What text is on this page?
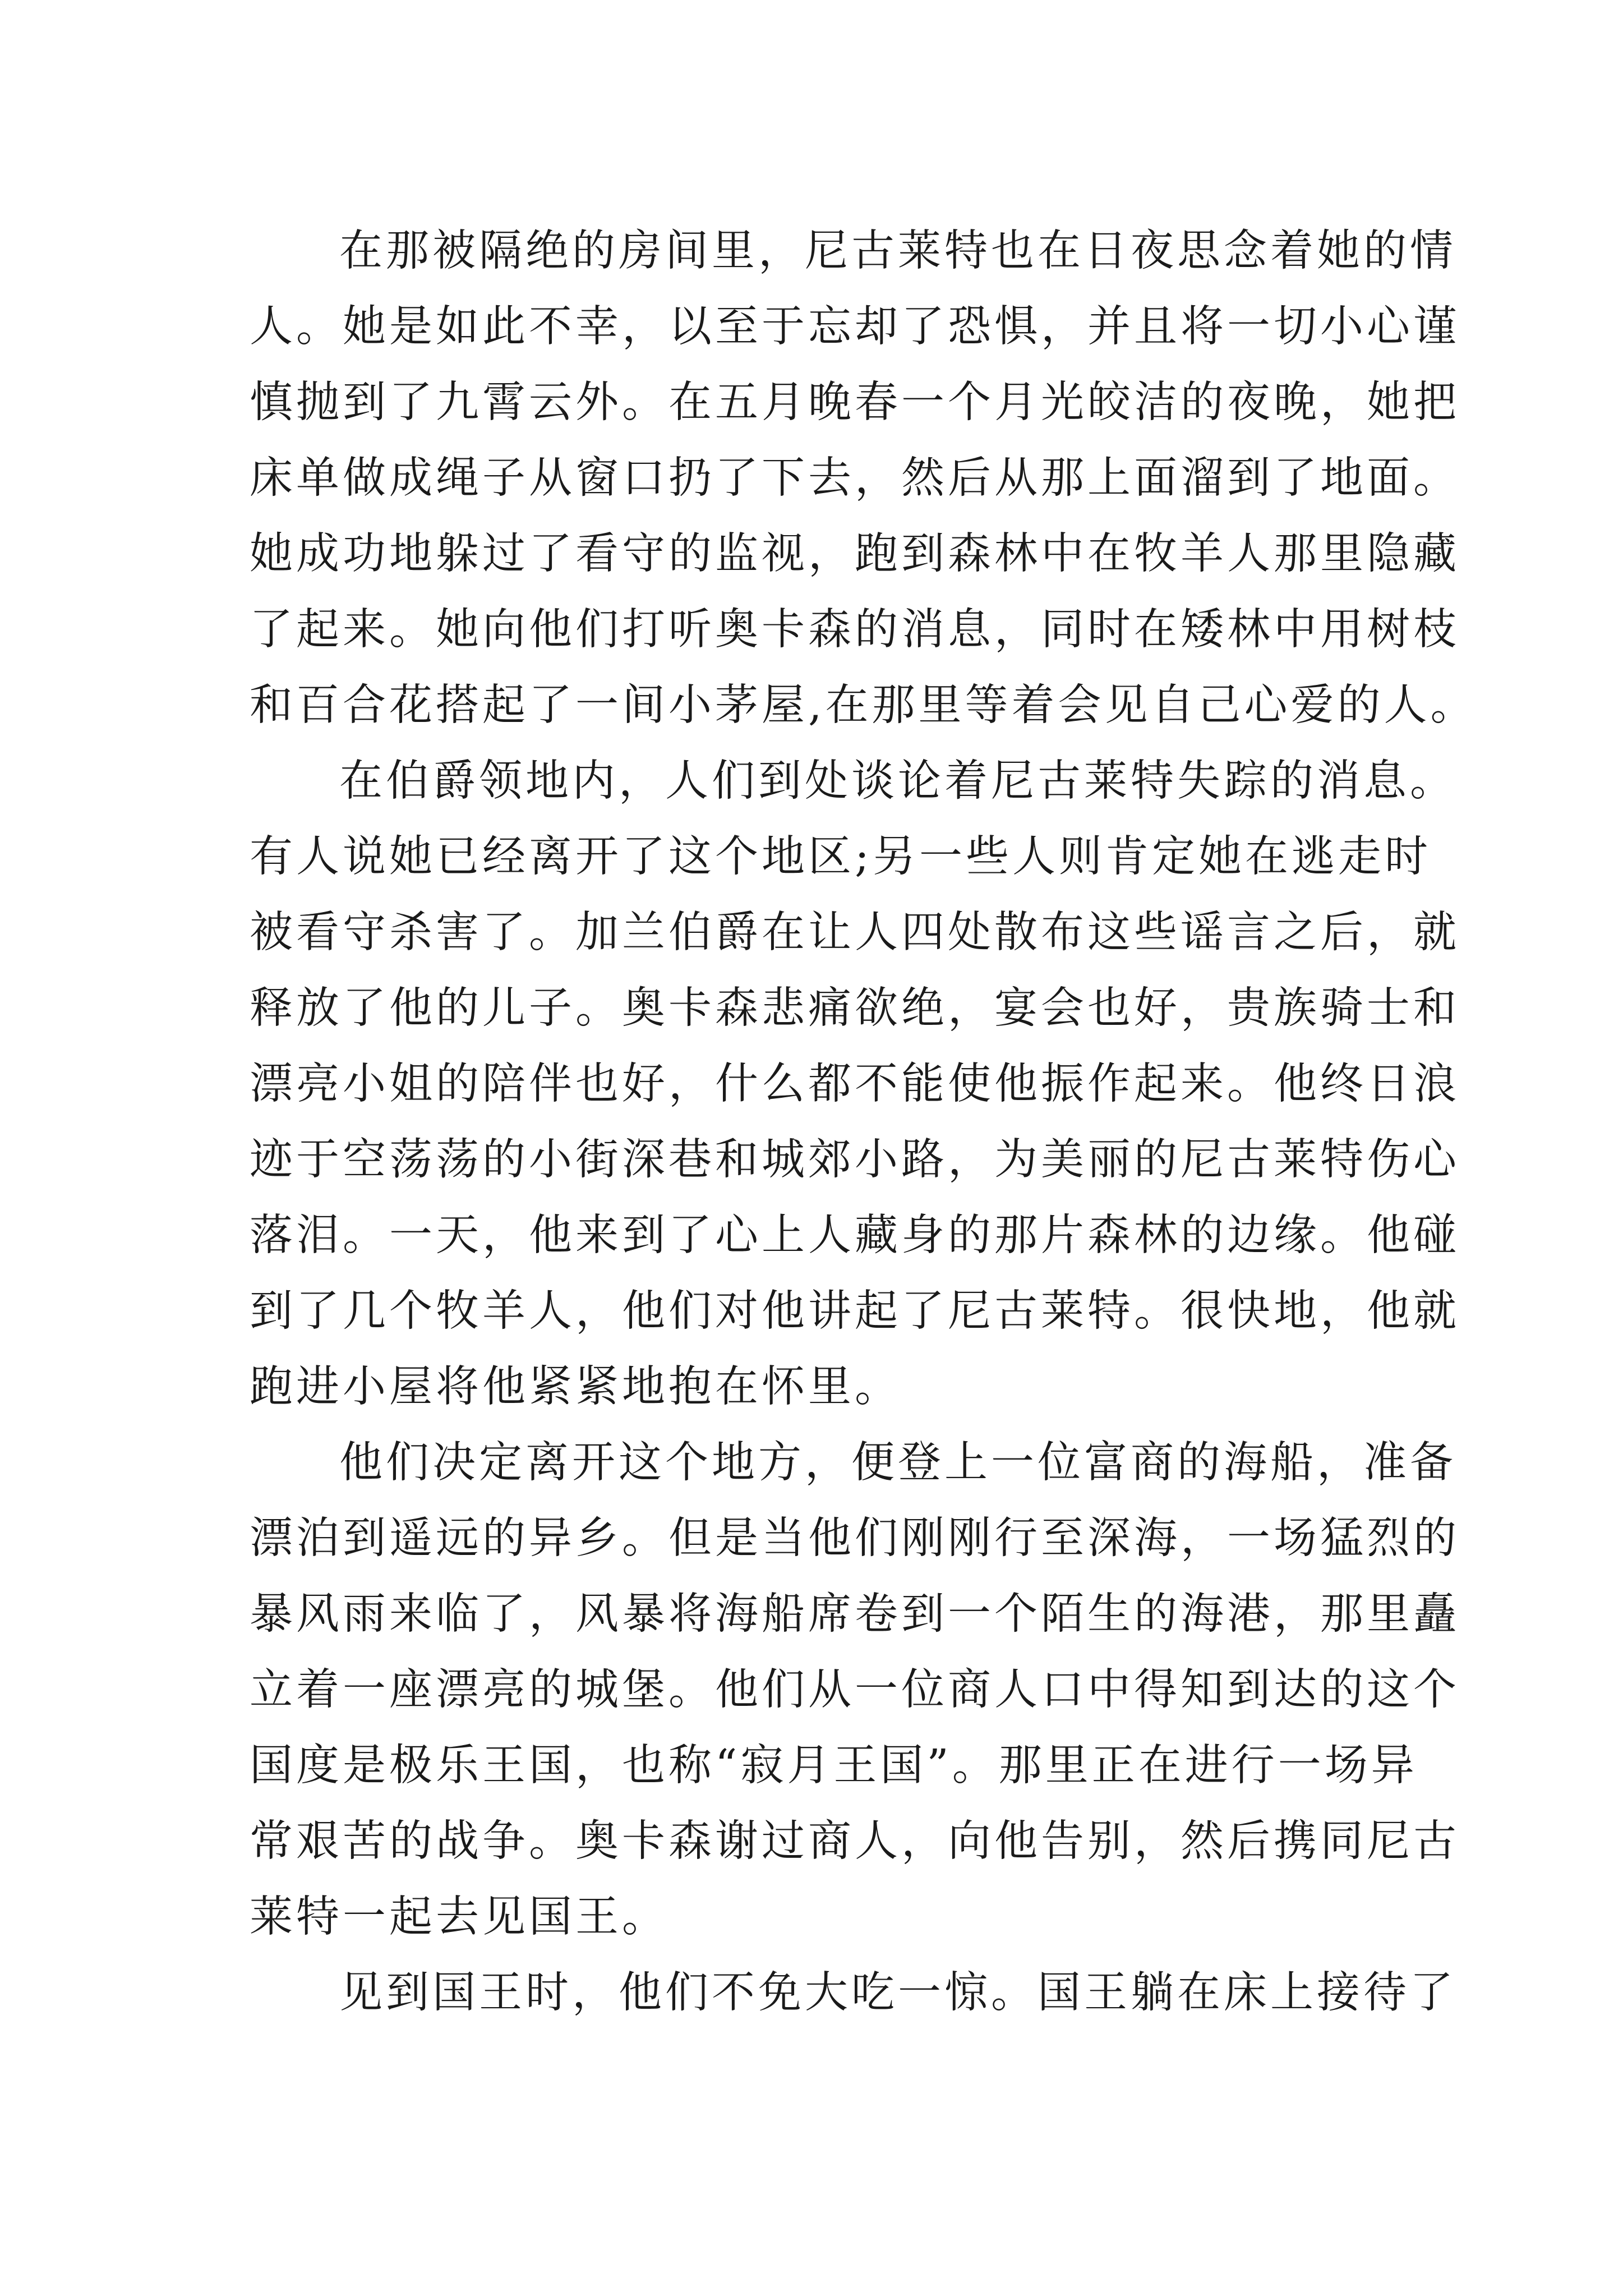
在那被隔绝的房间里，尼古莱特也在日夜思念着她的情
人。她是如此不幸，以至于忘却了恐惧，并且将一切小心谨
慎抛到了九霄云外。在五月晚春一个月光皎洁的夜晚，她把
床单做成绳子从窗口扔了下去，然后从那上面溜到了地面。
她成功地躲过了看守的监视，跑到森林中在牧羊人那里隐藏
了起来。她向他们打听奥卡森的消息，同时在矮林中用树枝
和百合花搭起了一间小茅屋,在那里等着会见自己心爱的人。
在伯爵领地内，人们到处谈论着尼古莱特失踪的消息。
有人说她已经离开了这个地区;另一些人则肯定她在逃走时
被看守杀害了。加兰伯爵在让人四处散布这些谣言之后，就
释放了他的儿子。奥卡森悲痛欲绝，宴会也好，贵族骑士和
漂亮小姐的陪伴也好，什么都不能使他振作起来。他终日浪
迹于空荡荡的小街深巷和城郊小路，为美丽的尼古莱特伤心
落泪。一天，他来到了心上人藏身的那片森林的边缘。他碰
到了几个牧羊人，他们对他讲起了尼古莱特。很快地，他就
跑进小屋将他紧紧地抱在怀里。
他们决定离开这个地方，便登上一位富商的海船，准备
漂泊到遥远的异乡。但是当他们刚刚行至深海，一场猛烈的
暴风雨来临了，风暴将海船席卷到一个陌生的海港，那里矗
立着一座漂亮的城堡。他们从一位商人口中得知到达的这个
国度是极乐王国，也称“寂月王国”。那里正在进行一场异
常艰苦的战争。奥卡森谢过商人，向他告别，然后携同尼古
莱特一起去见国王。
见到国王时，他们不免大吃一惊。国王躺在床上接待了
